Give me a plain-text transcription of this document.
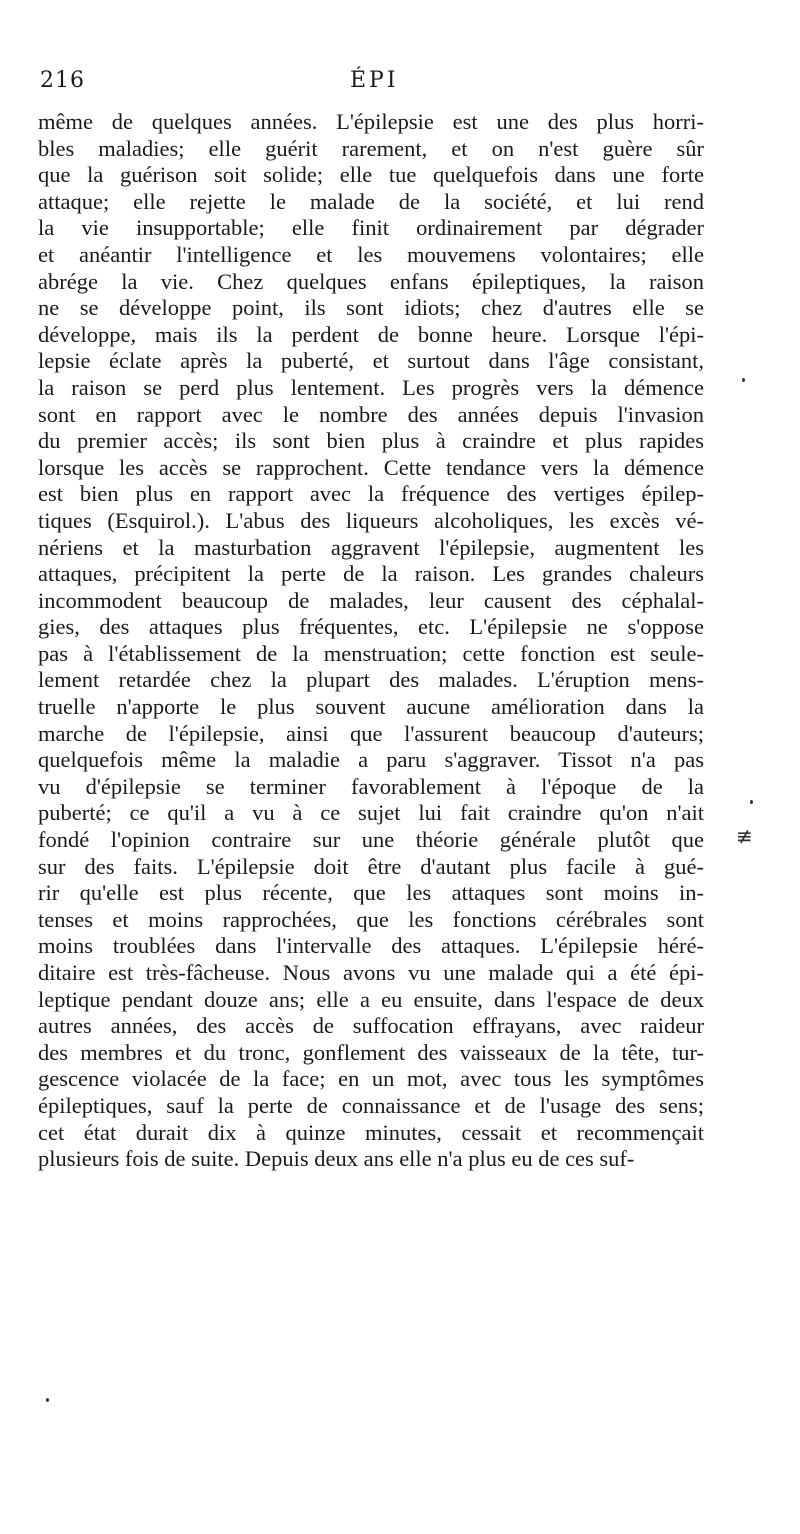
216	ÉPI
même de quelques années. L'épilepsie est une des plus horri-
bles maladies; elle guérit rarement, et on n'est guère sûr
que la guérison soit solide; elle tue quelquefois dans une forte
attaque; elle rejette le malade de la société, et lui rend
la vie insupportable; elle finit ordinairement par dégrader
et anéantir l'intelligence et les mouvemens volontaires; elle
abrége la vie. Chez quelques enfans épileptiques, la raison
ne se développe point, ils sont idiots; chez d'autres elle se
développe, mais ils la perdent de bonne heure. Lorsque l'épi-
lepsie éclate après la puberté, et surtout dans l'âge consistant,
la raison se perd plus lentement. Les progrès vers la démence
sont en rapport avec le nombre des années depuis l'invasion
du premier accès; ils sont bien plus à craindre et plus rapides
lorsque les accès se rapprochent. Cette tendance vers la démence
est bien plus en rapport avec la fréquence des vertiges épilep-
tiques (Esquirol.). L'abus des liqueurs alcoholiques, les excès vé-
nériens et la masturbation aggravent l'épilepsie, augmentent les
attaques, précipitent la perte de la raison. Les grandes chaleurs
incommodent beaucoup de malades, leur causent des céphalal-
gies, des attaques plus fréquentes, etc. L'épilepsie ne s'oppose
pas à l'établissement de la menstruation; cette fonction est seule-
lement retardée chez la plupart des malades. L'éruption mens-
truelle n'apporte le plus souvent aucune amélioration dans la
marche de l'épilepsie, ainsi que l'assurent beaucoup d'auteurs;
quelquefois même la maladie a paru s'aggraver. Tissot n'a pas
vu d'épilepsie se terminer favorablement à l'époque de la
puberté; ce qu'il a vu à ce sujet lui fait craindre qu'on n'ait
fondé l'opinion contraire sur une théorie générale plutôt que
sur des faits. L'épilepsie doit être d'autant plus facile à gué-
rir qu'elle est plus récente, que les attaques sont moins in-
tenses et moins rapprochées, que les fonctions cérébrales sont
moins troublées dans l'intervalle des attaques. L'épilepsie héré-
ditaire est très-fâcheuse. Nous avons vu une malade qui a été épi-
leptique pendant douze ans; elle a eu ensuite, dans l'espace de deux
autres années, des accès de suffocation effrayans, avec raideur
des membres et du tronc, gonflement des vaisseaux de la tête, tur-
gescence violacée de la face; en un mot, avec tous les symptômes
épileptiques, sauf la perte de connaissance et de l'usage des sens;
cet état durait dix à quinze minutes, cessait et recommençait
plusieurs fois de suite. Depuis deux ans elle n'a plus eu de ces suf-
≢
